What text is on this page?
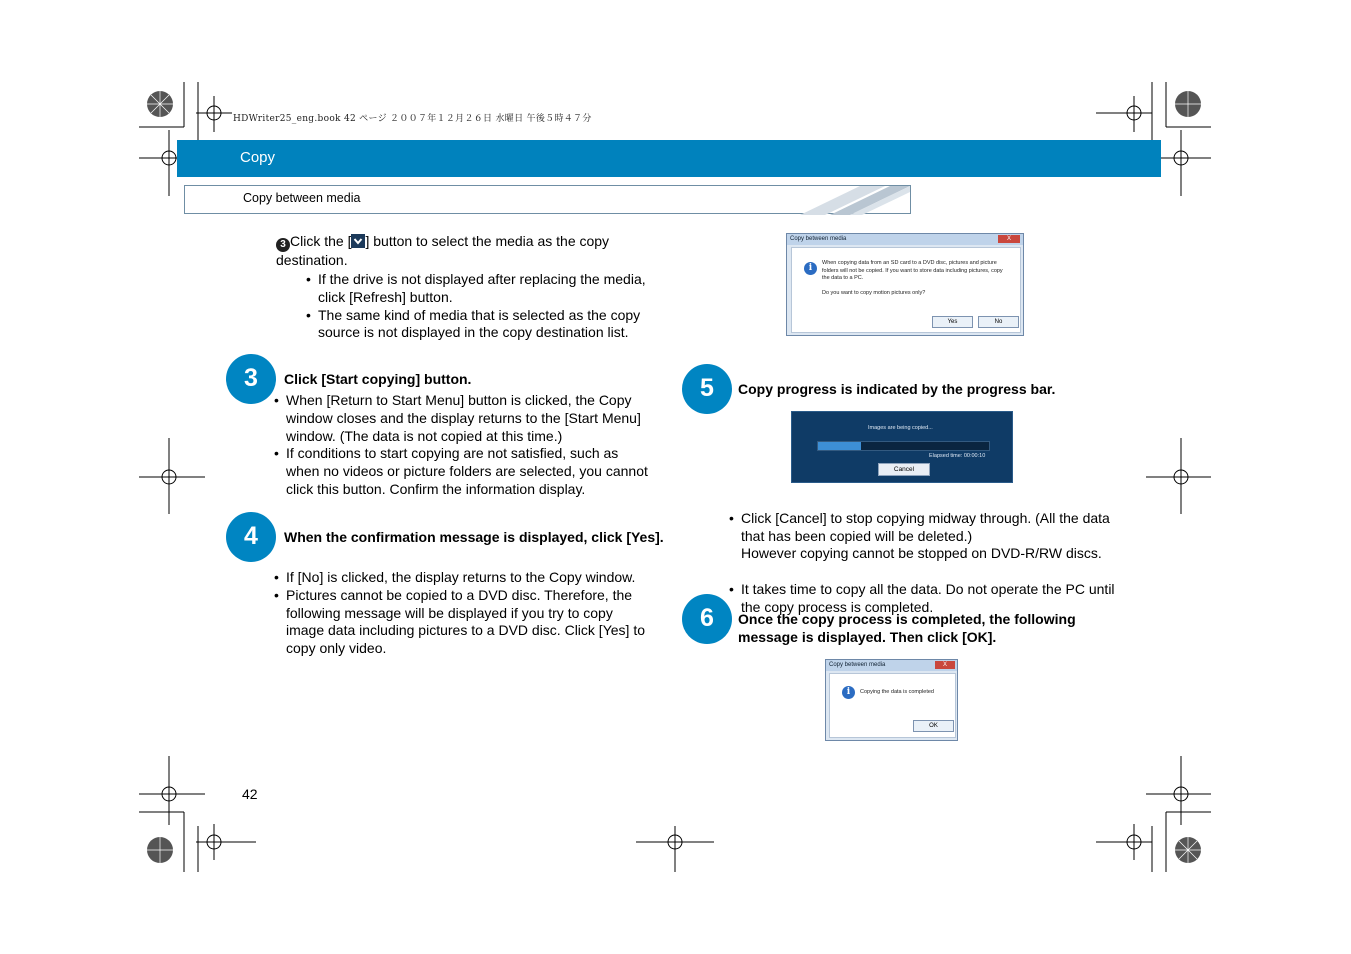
HDWriter25_eng.book 42 ページ ２００７年１２月２６日 水曜日 午後５時４７分
Copy
Copy between media
3 Click the [ ] button to select the media as the copy destination.
• If the drive is not displayed after replacing the media, click [Refresh] button.
• The same kind of media that is selected as the copy source is not displayed in the copy destination list.
Copy between media	X
i	When copying data from an SD card to a DVD disc, pictures and picture folders will not be copied. If you want to store data including pictures, copy the data to a PC.
Do you want to copy motion pictures only?
Yes	No
3	Click [Start copying] button.
• When [Return to Start Menu] button is clicked, the Copy window closes and the display returns to the [Start Menu] window. (The data is not copied at this time.)
• If conditions to start copying are not satisfied, such as when no videos or picture folders are selected, you cannot click this button. Confirm the information display.
4	When the confirmation message is displayed, click [Yes].
• If [No] is clicked, the display returns to the Copy window.
• Pictures cannot be copied to a DVD disc. Therefore, the following message will be displayed if you try to copy image data including pictures to a DVD disc. Click [Yes] to copy only video.
5	Copy progress is indicated by the progress bar.
Images are being copied...
Elapsed time: 00:00:10
Cancel

• Click [Cancel] to stop copying midway through. (All the data that has been copied will be deleted.)
However copying cannot be stopped on DVD-R/RW discs.

• It takes time to copy all the data. Do not operate the PC until the copy process is completed.

6	Once the copy process is completed, the following message is displayed. Then click [OK].
Copy between media	X
i	Copying the data is completed
OK
42
